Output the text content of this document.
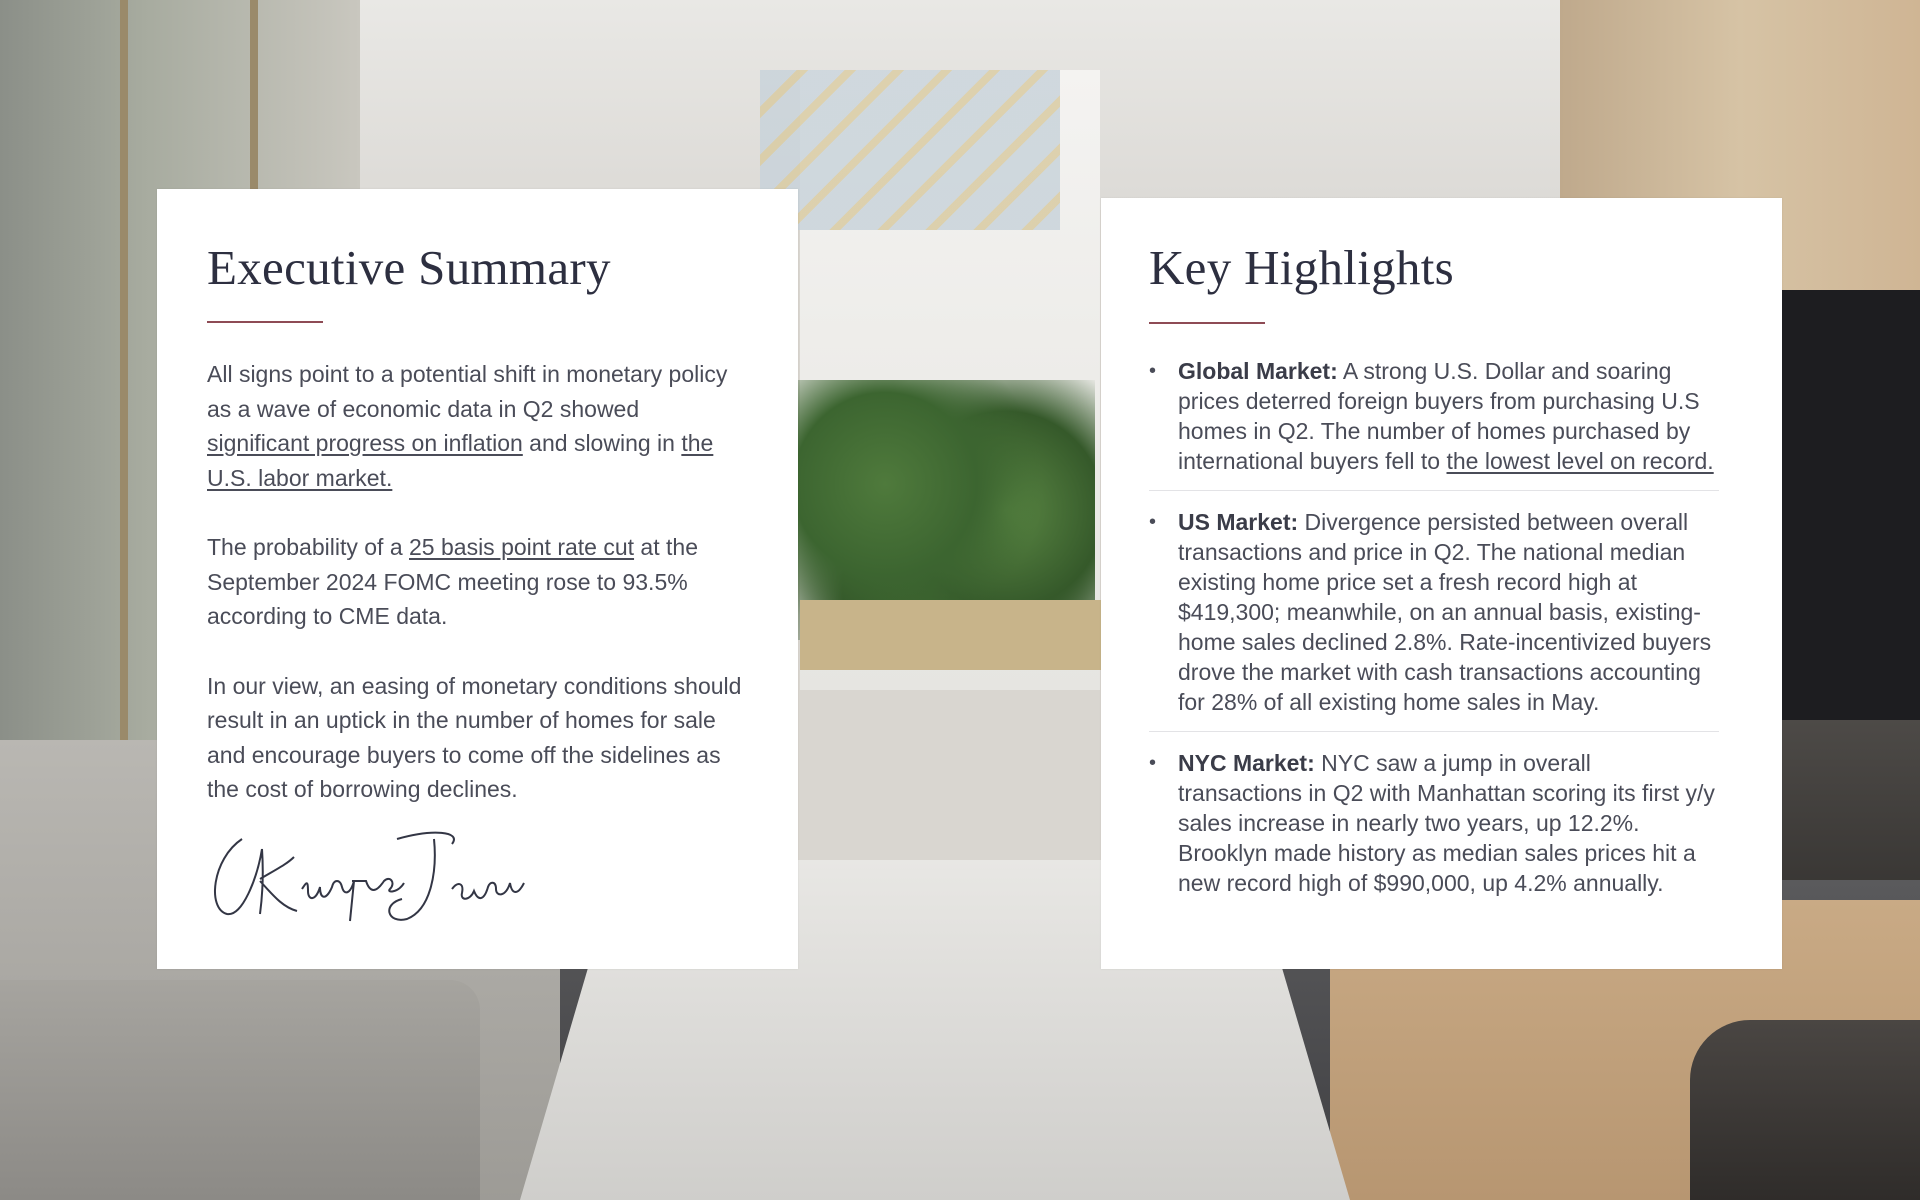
Executive Summary

All signs point to a potential shift in monetary policy as a wave of economic data in Q2 showed significant progress on inflation and slowing in the U.S. labor market.

The probability of a 25 basis point rate cut at the September 2024 FOMC meeting rose to 93.5% according to CME data.

In our view, an easing of monetary conditions should result in an uptick in the number of homes for sale and encourage buyers to come off the sidelines as the cost of borrowing declines.

Key Highlights
• Global Market: A strong U.S. Dollar and soaring prices deterred foreign buyers from purchasing U.S homes in Q2. The number of homes purchased by international buyers fell to the lowest level on record.
• US Market: Divergence persisted between overall transactions and price in Q2. The national median existing home price set a fresh record high at $419,300; meanwhile, on an annual basis, existing-home sales declined 2.8%. Rate-incentivized buyers drove the market with cash transactions accounting for 28% of all existing home sales in May.
• NYC Market: NYC saw a jump in overall transactions in Q2 with Manhattan scoring its first y/y sales increase in nearly two years, up 12.2%. Brooklyn made history as median sales prices hit a new record high of $990,000, up 4.2% annually.
